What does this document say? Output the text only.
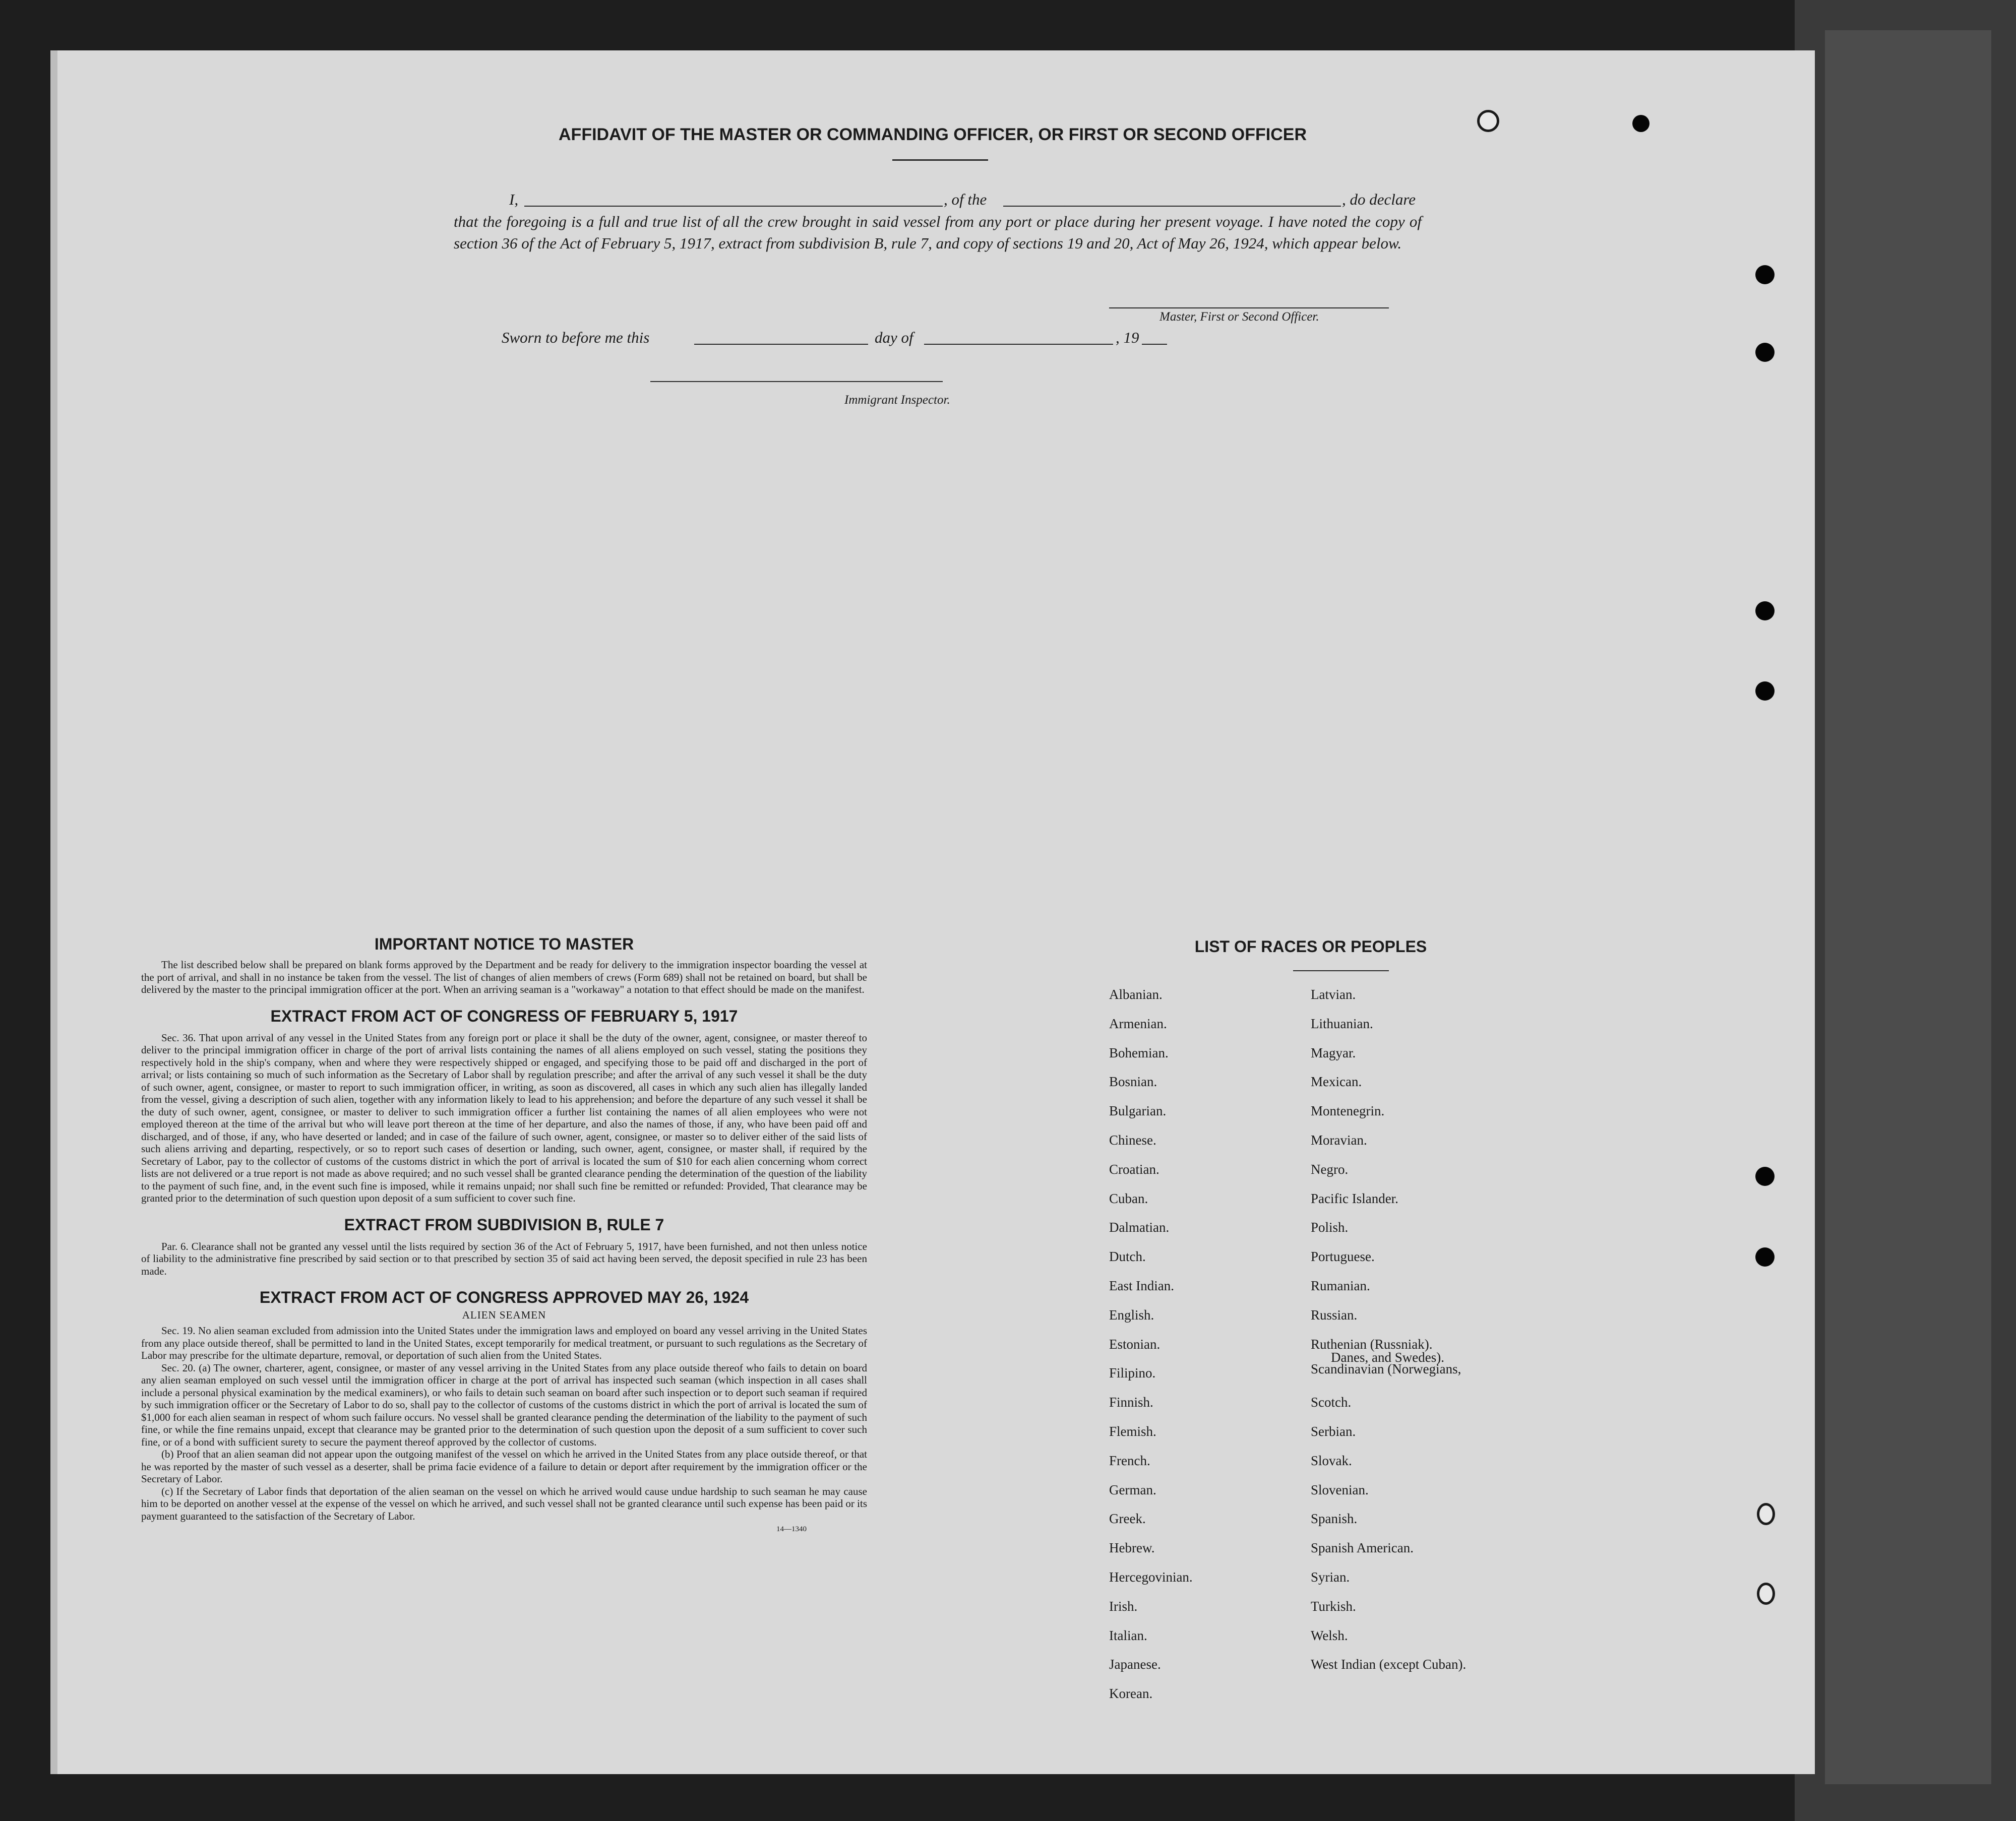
AFFIDAVIT OF THE MASTER OR COMMANDING OFFICER, OR FIRST OR SECOND OFFICER
I,	, of the	, do declare
that the foregoing is a full and true list of all the crew brought in said vessel from any port or place during her present voyage. I have noted the copy of section 36 of the Act of February 5, 1917, extract from subdivision B, rule 7, and copy of sections 19 and 20, Act of May 26, 1924, which appear below.
Master, First or Second Officer.
Sworn to before me this	day of	, 19
Immigrant Inspector.
IMPORTANT NOTICE TO MASTER

The list described below shall be prepared on blank forms approved by the Department and be ready for delivery to the immigration inspector boarding the vessel at the port of arrival, and shall in no instance be taken from the vessel. The list of changes of alien members of crews (Form 689) shall not be retained on board, but shall be delivered by the master to the principal immigration officer at the port. When an arriving seaman is a "workaway" a notation to that effect should be made on the manifest.

EXTRACT FROM ACT OF CONGRESS OF FEBRUARY 5, 1917

Sec. 36. That upon arrival of any vessel in the United States from any foreign port or place it shall be the duty of the owner, agent, consignee, or master thereof to deliver to the principal immigration officer in charge of the port of arrival lists containing the names of all aliens employed on such vessel, stating the positions they respectively hold in the ship's company, when and where they were respectively shipped or engaged, and specifying those to be paid off and discharged in the port of arrival; or lists containing so much of such information as the Secretary of Labor shall by regulation prescribe; and after the arrival of any such vessel it shall be the duty of such owner, agent, consignee, or master to report to such immigration officer, in writing, as soon as discovered, all cases in which any such alien has illegally landed from the vessel, giving a description of such alien, together with any information likely to lead to his apprehension; and before the departure of any such vessel it shall be the duty of such owner, agent, consignee, or master to deliver to such immigration officer a further list containing the names of all alien employees who were not employed thereon at the time of the arrival but who will leave port thereon at the time of her departure, and also the names of those, if any, who have been paid off and discharged, and of those, if any, who have deserted or landed; and in case of the failure of such owner, agent, consignee, or master so to deliver either of the said lists of such aliens arriving and departing, respectively, or so to report such cases of desertion or landing, such owner, agent, consignee, or master shall, if required by the Secretary of Labor, pay to the collector of customs of the customs district in which the port of arrival is located the sum of $10 for each alien concerning whom correct lists are not delivered or a true report is not made as above required; and no such vessel shall be granted clearance pending the determination of the question of the liability to the payment of such fine, and, in the event such fine is imposed, while it remains unpaid; nor shall such fine be remitted or refunded: Provided, That clearance may be granted prior to the determination of such question upon deposit of a sum sufficient to cover such fine.

EXTRACT FROM SUBDIVISION B, RULE 7

Par. 6. Clearance shall not be granted any vessel until the lists required by section 36 of the Act of February 5, 1917, have been furnished, and not then unless notice of liability to the administrative fine prescribed by said section or to that prescribed by section 35 of said act having been served, the deposit specified in rule 23 has been made.

EXTRACT FROM ACT OF CONGRESS APPROVED MAY 26, 1924
ALIEN SEAMEN

Sec. 19. No alien seaman excluded from admission into the United States under the immigration laws and employed on board any vessel arriving in the United States from any place outside thereof, shall be permitted to land in the United States, except temporarily for medical treatment, or pursuant to such regulations as the Secretary of Labor may prescribe for the ultimate departure, removal, or deportation of such alien from the United States.

Sec. 20. (a) The owner, charterer, agent, consignee, or master of any vessel arriving in the United States from any place outside thereof who fails to detain on board any alien seaman employed on such vessel until the immigration officer in charge at the port of arrival has inspected such seaman (which inspection in all cases shall include a personal physical examination by the medical examiners), or who fails to detain such seaman on board after such inspection or to deport such seaman if required by such immigration officer or the Secretary of Labor to do so, shall pay to the collector of customs of the customs district in which the port of arrival is located the sum of $1,000 for each alien seaman in respect of whom such failure occurs. No vessel shall be granted clearance pending the determination of the liability to the payment of such fine, or while the fine remains unpaid, except that clearance may be granted prior to the determination of such question upon the deposit of a sum sufficient to cover such fine, or of a bond with sufficient surety to secure the payment thereof approved by the collector of customs.

(b) Proof that an alien seaman did not appear upon the outgoing manifest of the vessel on which he arrived in the United States from any place outside thereof, or that he was reported by the master of such vessel as a deserter, shall be prima facie evidence of a failure to detain or deport after requirement by the immigration officer or the Secretary of Labor.

(c) If the Secretary of Labor finds that deportation of the alien seaman on the vessel on which he arrived would cause undue hardship to such seaman he may cause him to be deported on another vessel at the expense of the vessel on which he arrived, and such vessel shall not be granted clearance until such expense has been paid or its payment guaranteed to the satisfaction of the Secretary of Labor.

14—1340
LIST OF RACES OR PEOPLES
Albanian.
Armenian.
Bohemian.
Bosnian.
Bulgarian.
Chinese.
Croatian.
Cuban.
Dalmatian.
Dutch.
East Indian.
English.
Estonian.
Filipino.
Finnish.
Flemish.
French.
German.
Greek.
Hebrew.
Hercegovinian.
Irish.
Italian.
Japanese.
Korean.
Latvian.
Lithuanian.
Magyar.
Mexican.
Montenegrin.
Moravian.
Negro.
Pacific Islander.
Polish.
Portuguese.
Rumanian.
Russian.
Ruthenian (Russniak).
Scandinavian (Norwegians,
Danes, and Swedes).
Scotch.
Serbian.
Slovak.
Slovenian.
Spanish.
Spanish American.
Syrian.
Turkish.
Welsh.
West Indian (except Cuban).
